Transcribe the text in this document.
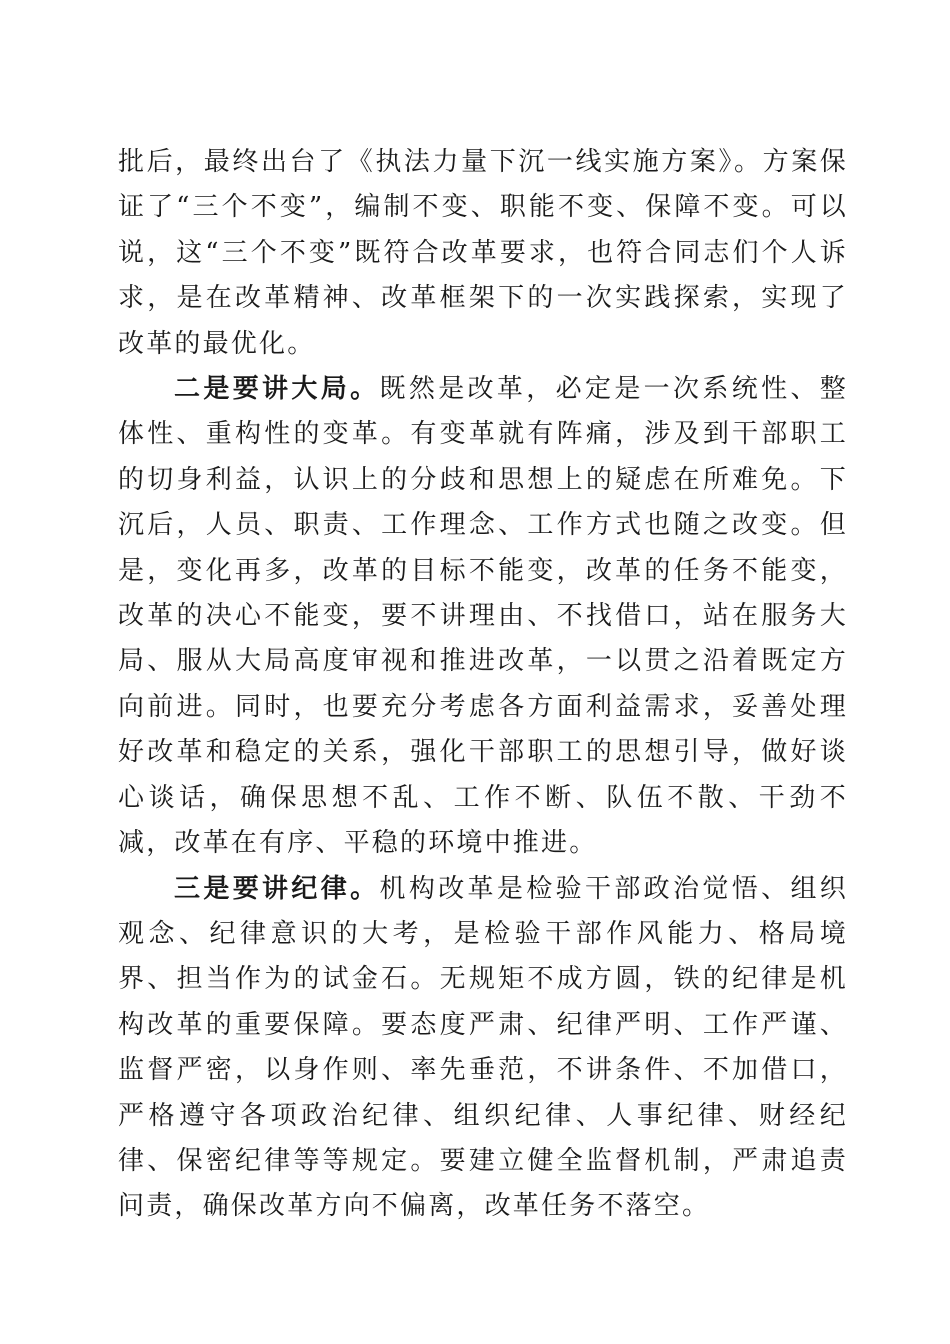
批后，最终出台了《执法力量下沉一线实施方案》。方案保证了“三个不变”，编制不变、职能不变、保障不变。可以说，这“三个不变”既符合改革要求，也符合同志们个人诉求，是在改革精神、改革框架下的一次实践探索，实现了改革的最优化。

二是要讲大局。既然是改革，必定是一次系统性、整体性、重构性的变革。有变革就有阵痛，涉及到干部职工的切身利益，认识上的分歧和思想上的疑虑在所难免。下沉后，人员、职责、工作理念、工作方式也随之改变。但是，变化再多，改革的目标不能变，改革的任务不能变，改革的决心不能变，要不讲理由、不找借口，站在服务大局、服从大局高度审视和推进改革，一以贯之沿着既定方向前进。同时，也要充分考虑各方面利益需求，妥善处理好改革和稳定的关系，强化干部职工的思想引导，做好谈心谈话，确保思想不乱、工作不断、队伍不散、干劲不减，改革在有序、平稳的环境中推进。

三是要讲纪律。机构改革是检验干部政治觉悟、组织观念、纪律意识的大考，是检验干部作风能力、格局境界、担当作为的试金石。无规矩不成方圆，铁的纪律是机构改革的重要保障。要态度严肃、纪律严明、工作严谨、监督严密，以身作则、率先垂范，不讲条件、不加借口，严格遵守各项政治纪律、组织纪律、人事纪律、财经纪律、保密纪律等等规定。要建立健全监督机制，严肃追责问责，确保改革方向不偏离，改革任务不落空。
